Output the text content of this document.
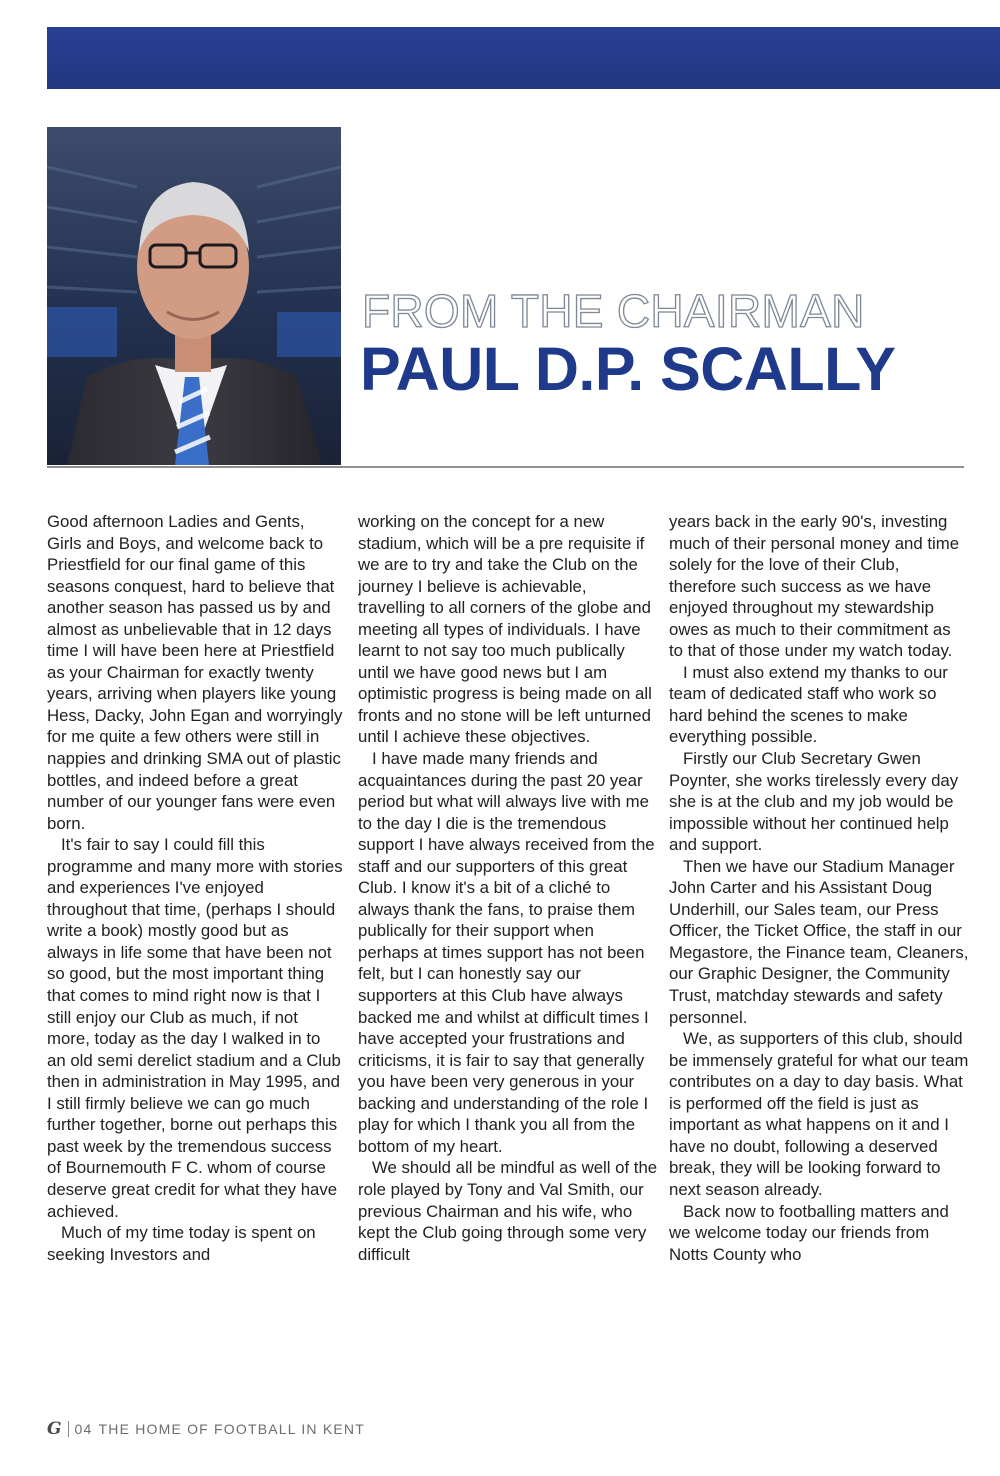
FROM THE CHAIRMAN
PAUL D.P. SCALLY

Good afternoon Ladies and Gents, Girls and Boys, and welcome back to Priestfield for our final game of this seasons conquest, hard to believe that another season has passed us by and almost as unbelievable that in 12 days time I will have been here at Priestfield as your Chairman for exactly twenty years, arriving when players like young Hess, Dacky, John Egan and worryingly for me quite a few others were still in nappies and drinking SMA out of plastic bottles, and indeed before a great number of our younger fans were even born.

It's fair to say I could fill this programme and many more with stories and experiences I've enjoyed throughout that time, (perhaps I should write a book) mostly good but as always in life some that have been not so good, but the most important thing that comes to mind right now is that I still enjoy our Club as much, if not more, today as the day I walked in to an old semi derelict stadium and a Club then in administration in May 1995, and I still firmly believe we can go much further together, borne out perhaps this past week by the tremendous success of Bournemouth F C. whom of course deserve great credit for what they have achieved.

Much of my time today is spent on seeking Investors and

working on the concept for a new stadium, which will be a pre requisite if we are to try and take the Club on the journey I believe is achievable, travelling to all corners of the globe and meeting all types of individuals. I have learnt to not say too much publically until we have good news but I am optimistic progress is being made on all fronts and no stone will be left unturned until I achieve these objectives.

I have made many friends and acquaintances during the past 20 year period but what will always live with me to the day I die is the tremendous support I have always received from the staff and our supporters of this great Club. I know it's a bit of a cliché to always thank the fans, to praise them publically for their support when perhaps at times support has not been felt, but I can honestly say our supporters at this Club have always backed me and whilst at difficult times I have accepted your frustrations and criticisms, it is fair to say that generally you have been very generous in your backing and understanding of the role I play for which I thank you all from the bottom of my heart.

We should all be mindful as well of the role played by Tony and Val Smith, our previous Chairman and his wife, who kept the Club going through some very difficult

years back in the early 90's, investing much of their personal money and time solely for the love of their Club, therefore such success as we have enjoyed throughout my stewardship owes as much to their commitment as to that of those under my watch today.

I must also extend my thanks to our team of dedicated staff who work so hard behind the scenes to make everything possible.

Firstly our Club Secretary Gwen Poynter, she works tirelessly every day she is at the club and my job would be impossible without her continued help and support.

Then we have our Stadium Manager John Carter and his Assistant Doug Underhill, our Sales team, our Press Officer, the Ticket Office, the staff in our Megastore, the Finance team, Cleaners, our Graphic Designer, the Community Trust, matchday stewards and safety personnel.

We, as supporters of this club, should be immensely grateful for what our team contributes on a day to day basis. What is performed off the field is just as important as what happens on it and I have no doubt, following a deserved break, they will be looking forward to next season already.

Back now to footballing matters and we welcome today our friends from Notts County who

G 04 THE HOME OF FOOTBALL IN KENT
